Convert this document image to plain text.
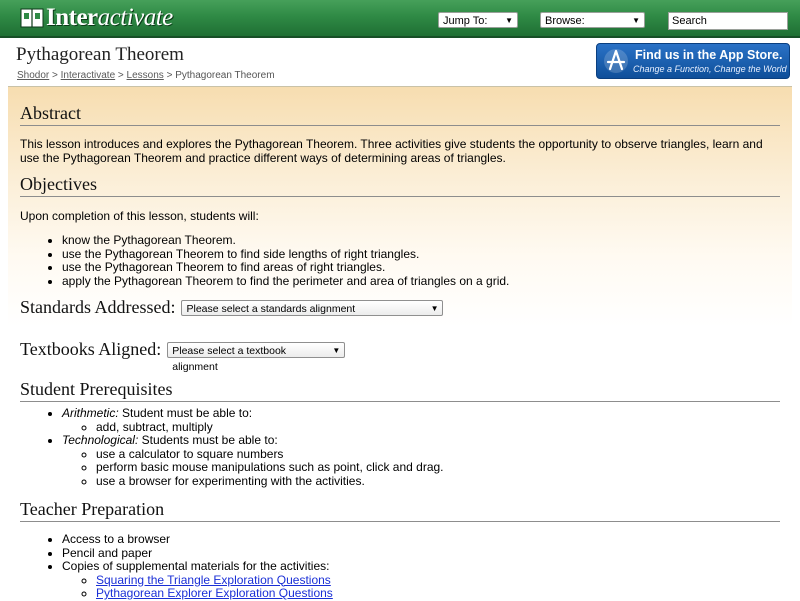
Interactivate	Jump To: ▼	Browse:	▼
Search
Pythagorean Theorem
Shodor > Interactivate > Lessons > Pythagorean Theorem
Find us in the App Store.
Change a Function, Change the World
Abstract

This lesson introduces and explores the Pythagorean Theorem. Three activities give students the opportunity to observe triangles, learn and use the Pythagorean Theorem and practice different ways of determining areas of triangles.

Objectives

Upon completion of this lesson, students will:

• know the Pythagorean Theorem.
• use the Pythagorean Theorem to find side lengths of right triangles.
• use the Pythagorean Theorem to find areas of right triangles.
• apply the Pythagorean Theorem to find the perimeter and area of triangles on a grid.
Standards Addressed:	Please select a standards alignment	▼
Textbooks Aligned:	Please select a textbook alignment
▼
Student Prerequisites
• Arithmetic: Student must be able to:
◦ add, subtract, multiply
• Technological: Students must be able to:
◦ use a calculator to square numbers
◦ perform basic mouse manipulations such as point, click and drag.
◦ use a browser for experimenting with the activities.
Teacher Preparation
• Access to a browser
• Pencil and paper
• Copies of supplemental materials for the activities:
◦ Squaring the Triangle Exploration Questions
◦ Pythagorean Explorer Exploration Questions
